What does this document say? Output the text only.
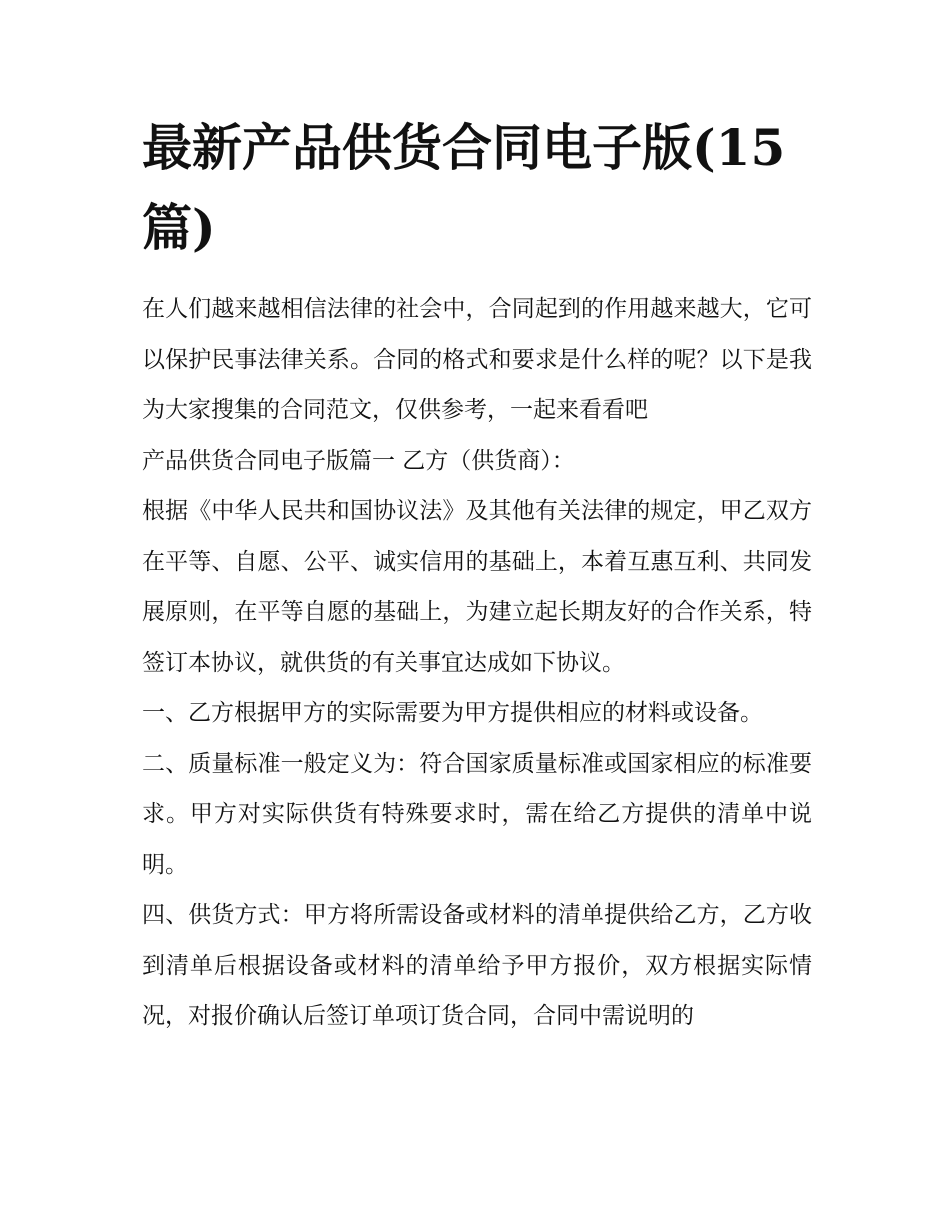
最新产品供货合同电子版(15篇)

在人们越来越相信法律的社会中，合同起到的作用越来越大，它可以保护民事法律关系。合同的格式和要求是什么样的呢？以下是我为大家搜集的合同范文，仅供参考，一起来看看吧

产品供货合同电子版篇一 乙方（供货商）：

根据《中华人民共和国协议法》及其他有关法律的规定，甲乙双方在平等、自愿、公平、诚实信用的基础上，本着互惠互利、共同发展原则，在平等自愿的基础上，为建立起长期友好的合作关系，特签订本协议，就供货的有关事宜达成如下协议。

一、乙方根据甲方的实际需要为甲方提供相应的材料或设备。

二、质量标准一般定义为：符合国家质量标准或国家相应的标准要求。甲方对实际供货有特殊要求时，需在给乙方提供的清单中说明。

四、供货方式：甲方将所需设备或材料的清单提供给乙方，乙方收到清单后根据设备或材料的清单给予甲方报价，双方根据实际情况，对报价确认后签订单项订货合同，合同中需说明的
